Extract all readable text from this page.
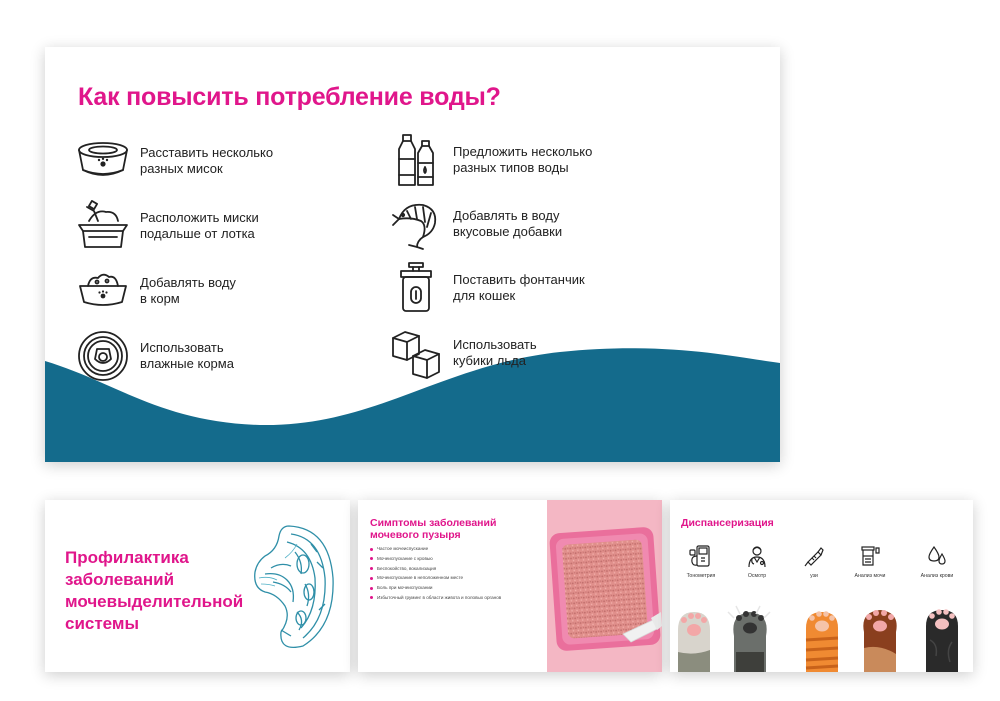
Как повысить потребление воды?
Расставить несколько
разных мисок
Расположить миски
подальше от лотка
Добавлять воду
в корм
Использовать
влажные корма
Предложить несколько
разных типов воды
Добавлять в воду
вкусовые добавки
Поставить фонтанчик
для кошек
Использовать
кубики льда
Профилактика
заболеваний
мочевыделительной
системы
Симптомы заболеваний
мочевого пузыря
Частое мочеиспускание
Мочеиспускание с кровью
Беспокойство, вокализация
Мочеиспускание в неположенном месте
Боль при мочеиспускании
Избыточный груминг в области живота и половых органов
Диспансеризация
Тонометрия	Осмотр	узи	Анализ мочи	Анализ крови
